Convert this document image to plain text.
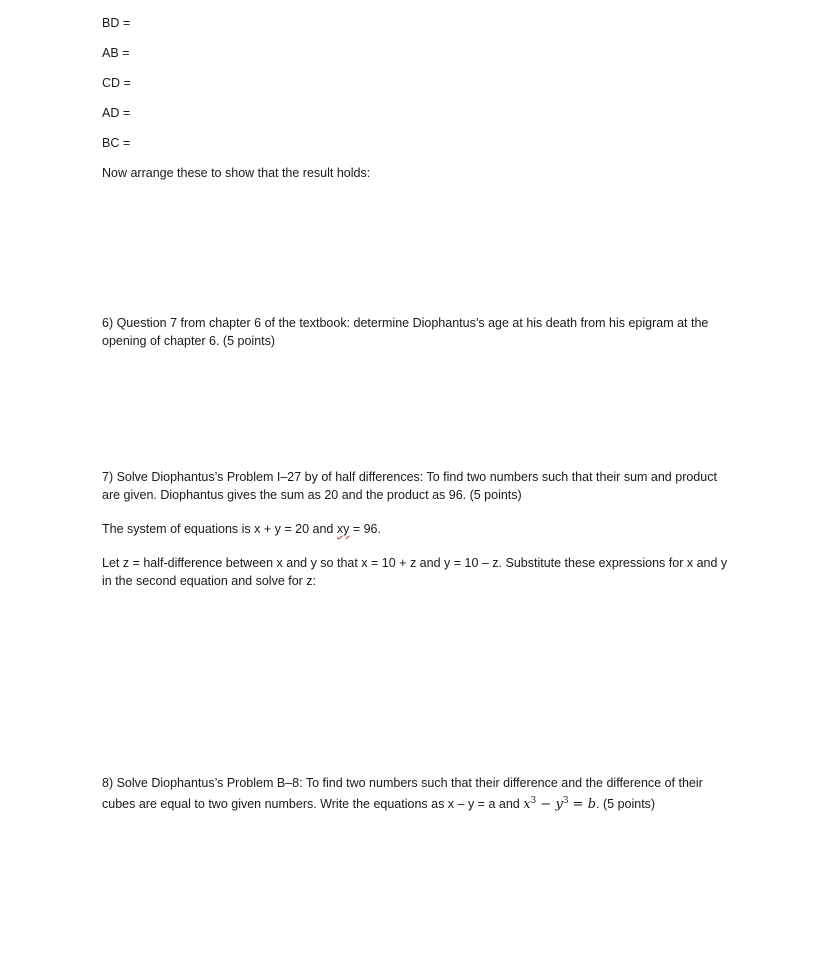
BD =
AB =
CD =
AD =
BC =
Now arrange these to show that the result holds:
6) Question 7 from chapter 6 of the textbook: determine Diophantus’s age at his death from his epigram at the opening of chapter 6. (5 points)
7) Solve Diophantus’s Problem I–27 by of half differences: To find two numbers such that their sum and product are given. Diophantus gives the sum as 20 and the product as 96. (5 points)
The system of equations is x + y = 20 and xy = 96.
Let z = half-difference between x and y so that x = 10 + z and y = 10 – z. Substitute these expressions for x and y in the second equation and solve for z:
8) Solve Diophantus’s Problem B–8: To find two numbers such that their difference and the difference of their cubes are equal to two given numbers. Write the equations as x – y = a and $x^3 - y^3 = b$. (5 points)
